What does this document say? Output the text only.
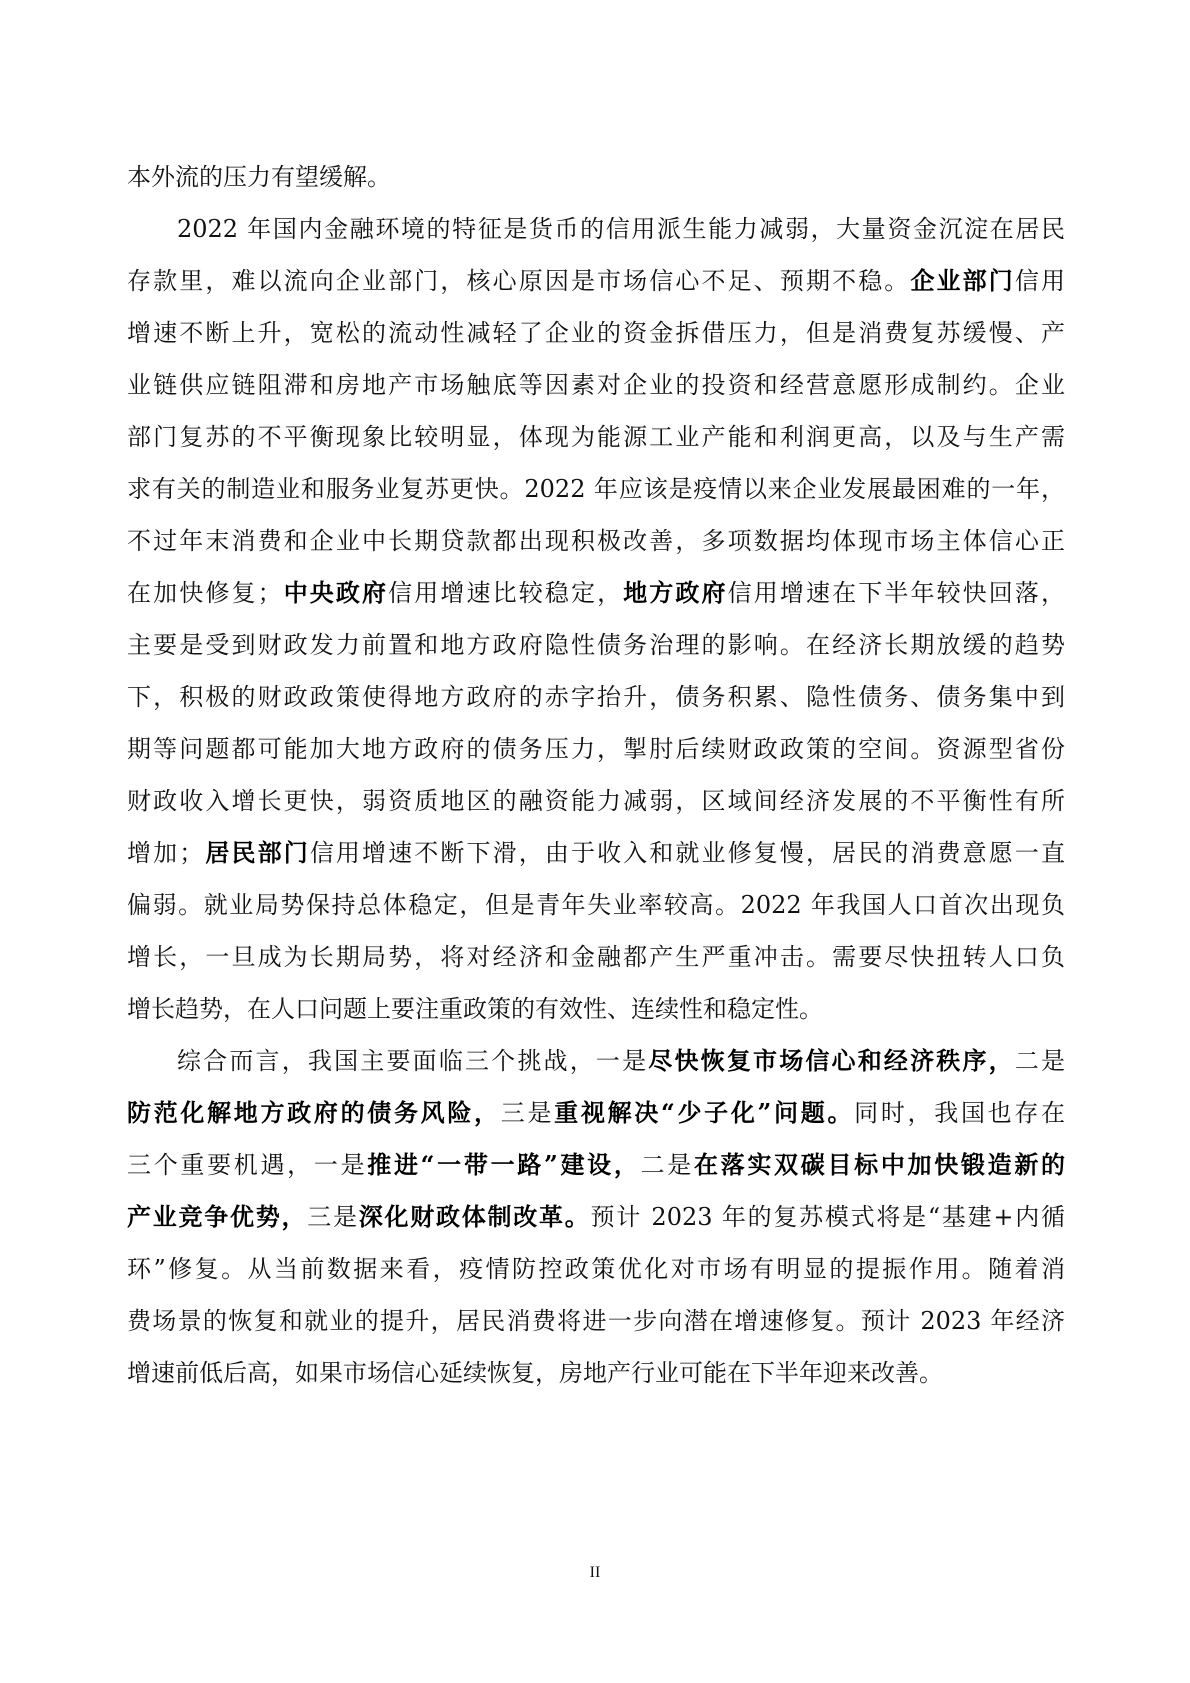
本外流的压力有望缓解。
2022 年国内金融环境的特征是货币的信用派生能力减弱，大量资金沉淀在居民
存款里，难以流向企业部门，核心原因是市场信心不足、预期不稳。企业部门信用
增速不断上升，宽松的流动性减轻了企业的资金拆借压力，但是消费复苏缓慢、产
业链供应链阻滞和房地产市场触底等因素对企业的投资和经营意愿形成制约。企业
部门复苏的不平衡现象比较明显，体现为能源工业产能和利润更高，以及与生产需
求有关的制造业和服务业复苏更快。2022 年应该是疫情以来企业发展最困难的一年，
不过年末消费和企业中长期贷款都出现积极改善，多项数据均体现市场主体信心正
在加快修复；中央政府信用增速比较稳定，地方政府信用增速在下半年较快回落，
主要是受到财政发力前置和地方政府隐性债务治理的影响。在经济长期放缓的趋势
下，积极的财政政策使得地方政府的赤字抬升，债务积累、隐性债务、债务集中到
期等问题都可能加大地方政府的债务压力，掣肘后续财政政策的空间。资源型省份
财政收入增长更快，弱资质地区的融资能力减弱，区域间经济发展的不平衡性有所
增加；居民部门信用增速不断下滑，由于收入和就业修复慢，居民的消费意愿一直
偏弱。就业局势保持总体稳定，但是青年失业率较高。2022 年我国人口首次出现负
增长，一旦成为长期局势，将对经济和金融都产生严重冲击。需要尽快扭转人口负
增长趋势，在人口问题上要注重政策的有效性、连续性和稳定性。
综合而言，我国主要面临三个挑战，一是尽快恢复市场信心和经济秩序，二是
防范化解地方政府的债务风险，三是重视解决“少子化”问题。同时，我国也存在
三个重要机遇，一是推进“一带一路”建设，二是在落实双碳目标中加快锻造新的
产业竞争优势，三是深化财政体制改革。预计 2023 年的复苏模式将是“基建+内循
环”修复。从当前数据来看，疫情防控政策优化对市场有明显的提振作用。随着消
费场景的恢复和就业的提升，居民消费将进一步向潜在增速修复。预计 2023 年经济
增速前低后高，如果市场信心延续恢复，房地产行业可能在下半年迎来改善。
II
